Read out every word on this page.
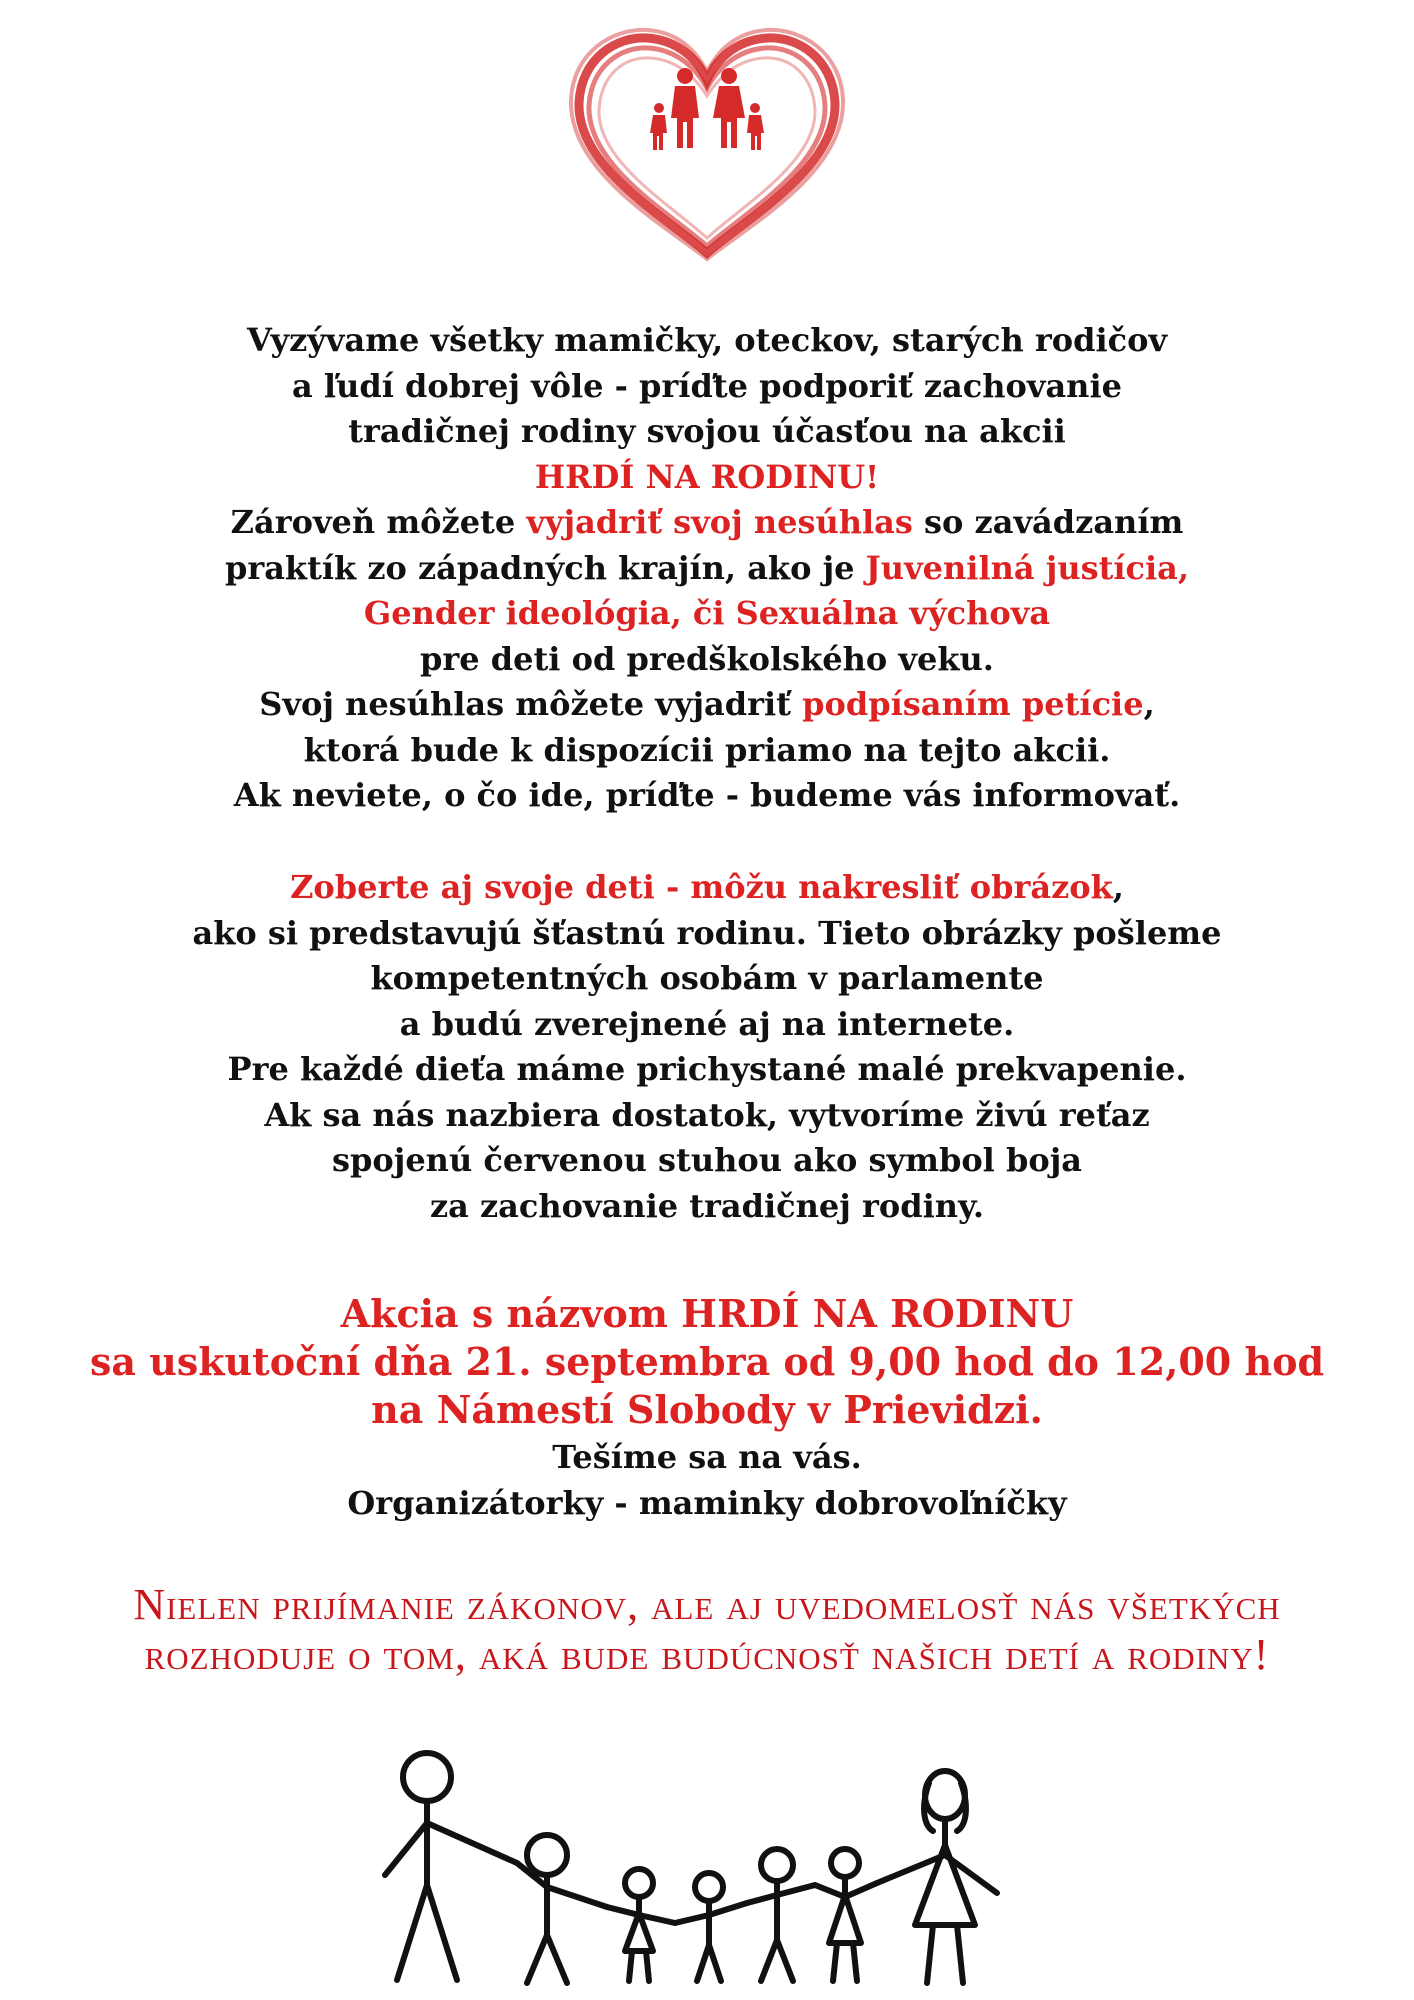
Vyzývame všetky mamičky, oteckov, starých rodičov
a ľudí dobrej vôle - príďte podporiť zachovanie
tradičnej rodiny svojou účasťou na akcii
HRDÍ NA RODINU!
Zároveň môžete vyjadriť svoj nesúhlas so zavádzaním
praktík zo západných krajín, ako je Juvenilná justícia,
Gender ideológia, či Sexuálna výchova
pre deti od predškolského veku.
Svoj nesúhlas môžete vyjadriť podpísaním petície,
ktorá bude k dispozícii priamo na tejto akcii.
Ak neviete, o čo ide, príďte - budeme vás informovať.
Zoberte aj svoje deti - môžu nakresliť obrázok,
ako si predstavujú šťastnú rodinu. Tieto obrázky pošleme
kompetentných osobám v parlamente
a budú zverejnené aj na internete.
Pre každé dieťa máme prichystané malé prekvapenie.
Ak sa nás nazbiera dostatok, vytvoríme živú reťaz
spojenú červenou stuhou ako symbol boja
za zachovanie tradičnej rodiny.
Akcia s názvom HRDÍ NA RODINU
sa uskutoční dňa 21. septembra od 9,00 hod do 12,00 hod
na Námestí Slobody v Prievidzi.
Tešíme sa na vás.
Organizátorky - maminky dobrovoľníčky
Nielen prijímanie zákonov, ale aj uvedomelosť nás všetkých
rozhoduje o tom, aká bude budúcnosť našich detí a rodiny!
